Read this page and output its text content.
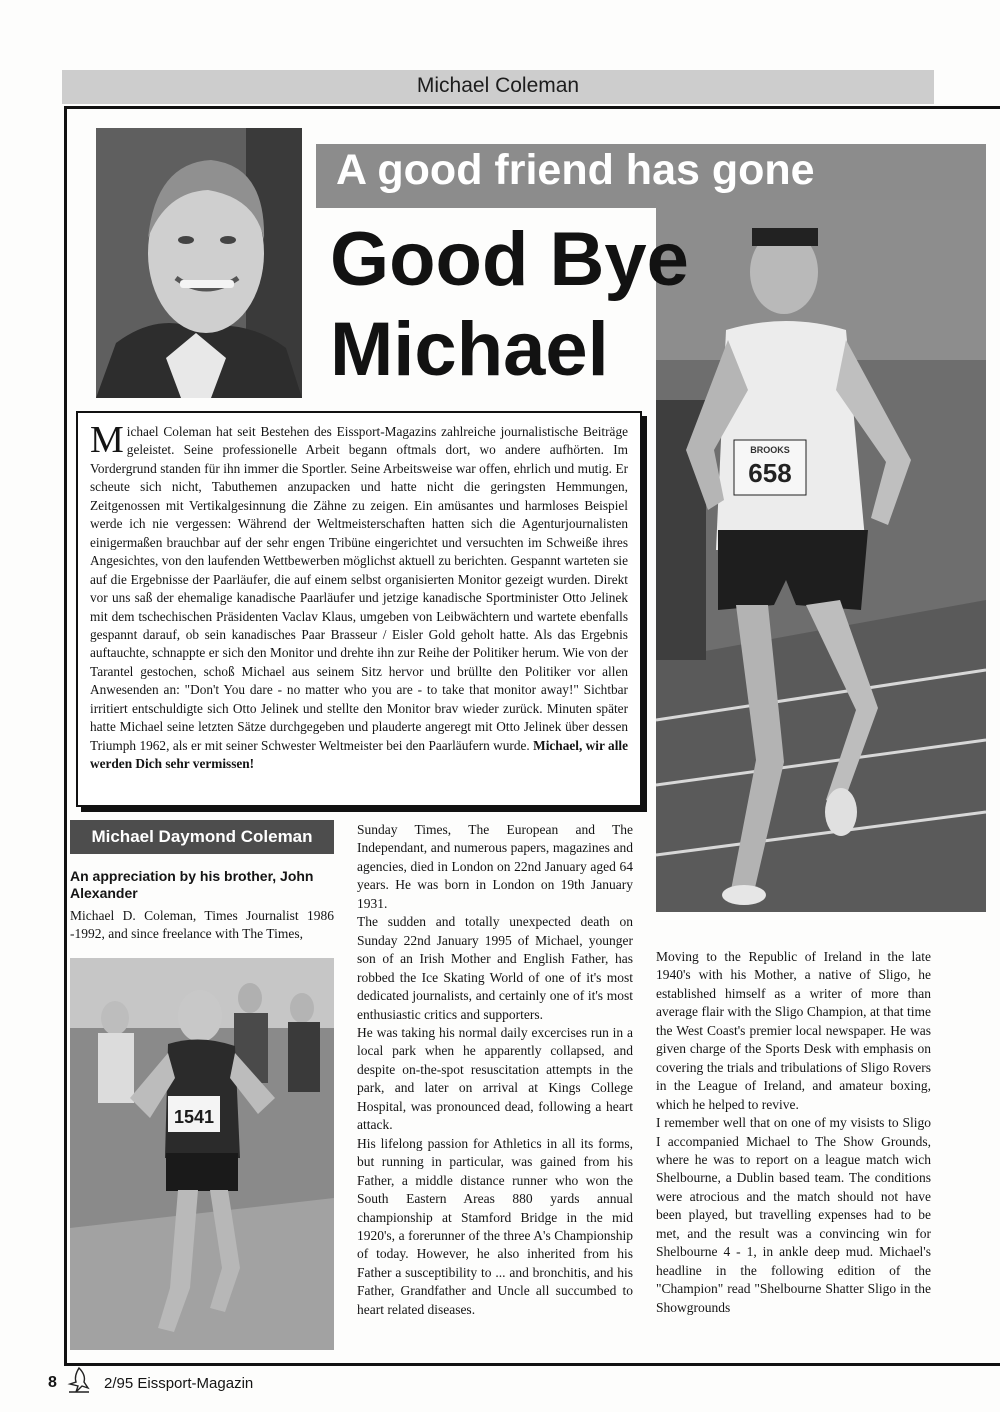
Michael Coleman
658
BROOKS
A good friend has gone
Good Bye
Michael
Michael Coleman hat seit Bestehen des Eissport-Magazins zahlreiche journalistische Beiträge geleistet. Seine professionelle Arbeit begann oftmals dort, wo andere aufhörten. Im Vordergrund standen für ihn immer die Sportler. Seine Arbeitsweise war offen, ehrlich und mutig. Er scheute sich nicht, Tabuthemen anzupacken und hatte nicht die geringsten Hemmungen, Zeitgenossen mit Vertikalgesinnung die Zähne zu zeigen. Ein amüsantes und harmloses Beispiel werde ich nie vergessen: Während der Weltmeisterschaften hatten sich die Agenturjournalisten einigermaßen brauchbar auf der sehr engen Tribüne eingerichtet und versuchten im Schweiße ihres Angesichtes, von den laufenden Wettbewerben möglichst aktuell zu berichten. Gespannt warteten sie auf die Ergebnisse der Paarläufer, die auf einem selbst organisierten Monitor gezeigt wurden. Direkt vor uns saß der ehemalige kanadische Paarläufer und jetzige kanadische Sportminister Otto Jelinek mit dem tschechischen Präsidenten Vaclav Klaus, umgeben von Leibwächtern und wartete ebenfalls gespannt darauf, ob sein kanadisches Paar Brasseur / Eisler Gold geholt hatte. Als das Ergebnis auftauchte, schnappte er sich den Monitor und drehte ihn zur Reihe der Politiker herum. Wie von der Tarantel gestochen, schoß Michael aus seinem Sitz hervor und brüllte den Politiker vor allen Anwesenden an: "Don't You dare - no matter who you are - to take that monitor away!" Sichtbar irritiert entschuldigte sich Otto Jelinek und stellte den Monitor brav wieder zurück. Minuten später hatte Michael seine letzten Sätze durchgegeben und plauderte angeregt mit Otto Jelinek über dessen Triumph 1962, als er mit seiner Schwester Weltmeister bei den Paarläufern wurde. Michael, wir alle werden Dich sehr vermissen!
Michael Daymond Coleman
An appreciation by his brother, John Alexander
Michael D. Coleman, Times Journalist 1986 -1992, and since freelance with The Times,
1541

Sunday Times, The European and The Independant, and numerous papers, magazines and agencies, died in London on 22nd January aged 64 years. He was born in London on 19th January 1931.

The sudden and totally unexpected death on Sunday 22nd January 1995 of Michael, younger son of an Irish Mother and English Father, has robbed the Ice Skating World of one of it's most dedicated journalists, and certainly one of it's most enthusiastic critics and supporters.

He was taking his normal daily excercises run in a local park when he apparently collapsed, and despite on-the-spot resuscitation attempts in the park, and later on arrival at Kings College Hospital, was pronounced dead, following a heart attack.

His lifelong passion for Athletics in all its forms, but running in particular, was gained from his Father, a middle distance runner who won the South Eastern Areas 880 yards annual championship at Stamford Bridge in the mid 1920's, a forerunner of the three A's Championship of today. However, he also inherited from his Father a susceptibility to ... and bronchitis, and his Father, Grandfather and Uncle all succumbed to heart related diseases.

Moving to the Republic of Ireland in the late 1940's with his Mother, a native of Sligo, he established himself as a writer of more than average flair with the Sligo Champion, at that time the West Coast's premier local newspaper. He was given charge of the Sports Desk with emphasis on covering the trials and tribulations of Sligo Rovers in the League of Ireland, and amateur boxing, which he helped to revive.

I remember well that on one of my visists to Sligo I accompanied Michael to The Show Grounds, where he was to report on a league match wich Shelbourne, a Dublin based team. The conditions were atrocious and the match should not have been played, but travelling expenses had to be met, and the result was a convincing win for Shelbourne 4 - 1, in ankle deep mud. Michael's headline in the following edition of the "Champion" read "Shelbourne Shatter Sligo in the Showgrounds

8	2/95 Eissport-Magazin
